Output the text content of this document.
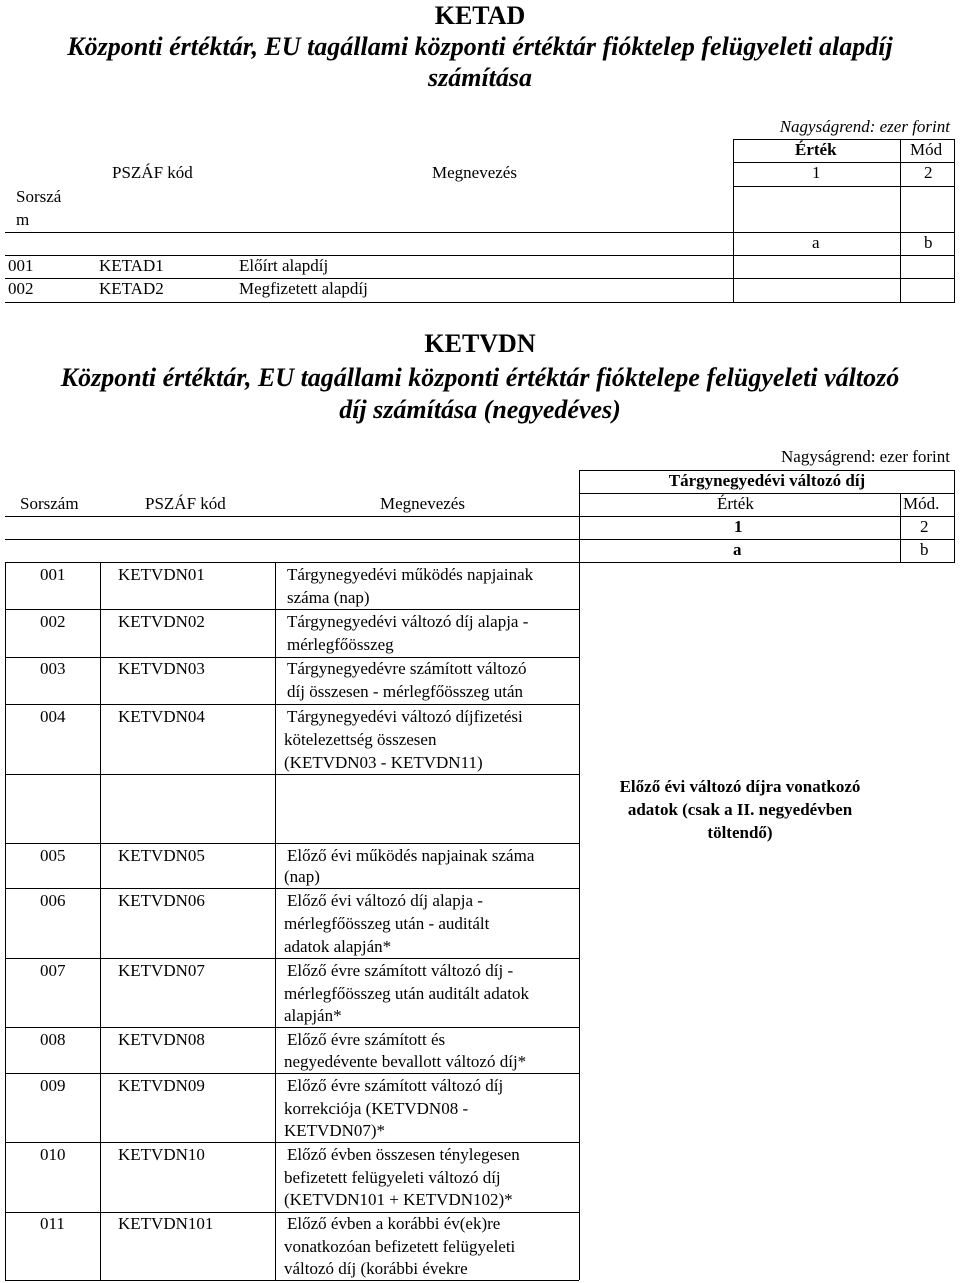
KETAD
Központi értéktár, EU tagállami központi értéktár fióktelep felügyeleti alapdíj
számítása
Nagyságrend: ezer forint
Sorszá
m
PSZÁF kód	Megnevezés
Érték	Mód
1	2
a	b
001	KETAD1	Előírt alapdíj
002	KETAD2	Megfizetett alapdíj
KETVDN
Központi értéktár, EU tagállami központi értéktár fióktelepe felügyeleti változó
díj számítása (negyedéves)
Nagyságrend: ezer forint
Tárgynegyedévi változó díj
Sorszám	PSZÁF kód	Megnevezés	Érték	Mód.
1	2
a	b
001	KETVDN01	Tárgynegyedévi működés napjainak
száma (nap)
002	KETVDN02	Tárgynegyedévi változó díj alapja -
mérlegfőösszeg
003	KETVDN03	Tárgynegyedévre számított változó
díj összesen - mérlegfőösszeg után
004	KETVDN04	Tárgynegyedévi változó díjfizetési
kötelezettség összesen
(KETVDN03 - KETVDN11)
Előző évi változó díjra vonatkozó
adatok (csak a II. negyedévben
töltendő)
005	KETVDN05	Előző évi működés napjainak száma
(nap)
006	KETVDN06	Előző évi változó díj alapja -
mérlegfőösszeg után - auditált
adatok alapján*
007	KETVDN07	Előző évre számított változó díj -
mérlegfőösszeg után auditált adatok
alapján*
008	KETVDN08	Előző évre számított és
negyedévente bevallott változó díj*
009	KETVDN09	Előző évre számított változó díj
korrekciója (KETVDN08 -
KETVDN07)*
010	KETVDN10	Előző évben összesen ténylegesen
befizetett felügyeleti változó díj
(KETVDN101 + KETVDN102)*
011	KETVDN101	Előző évben a korábbi év(ek)re
vonatkozóan befizetett felügyeleti
változó díj (korábbi évekre
